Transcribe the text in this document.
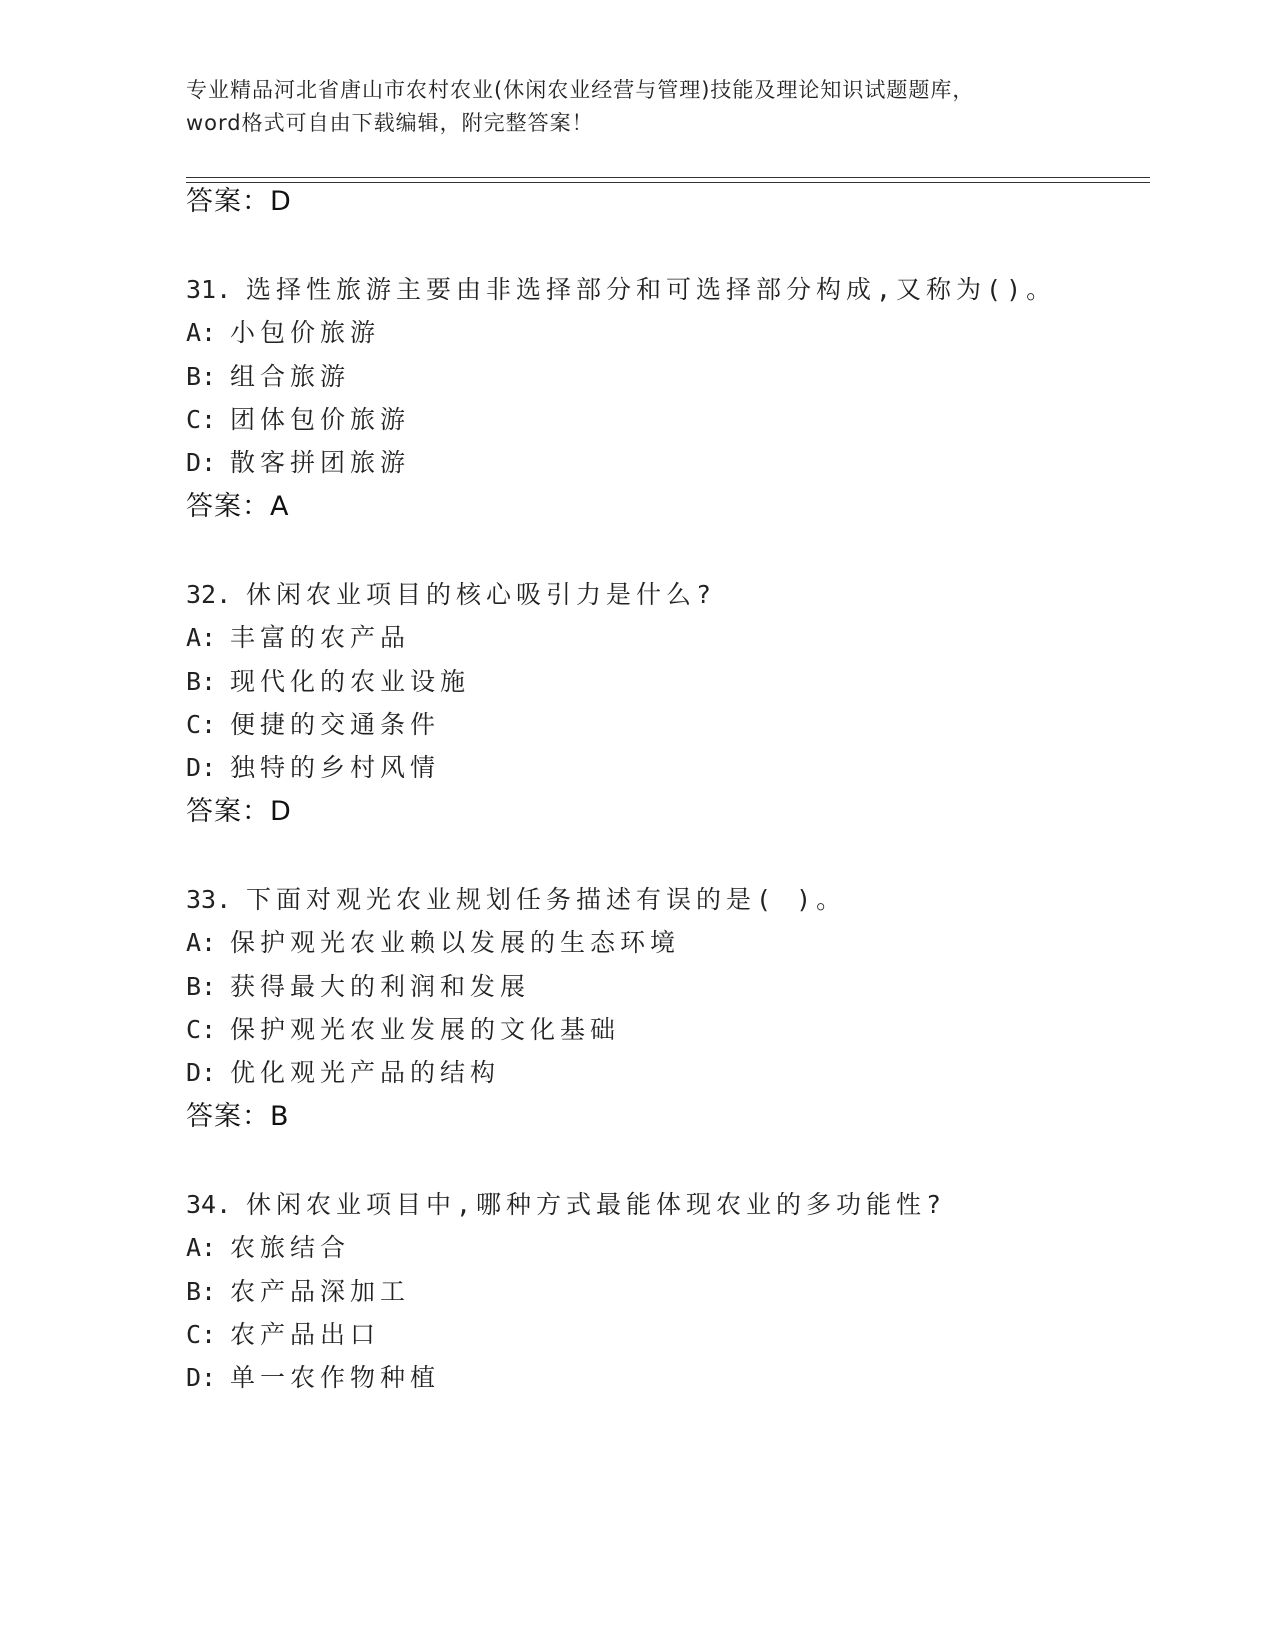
专业精品河北省唐山市农村农业(休闲农业经营与管理)技能及理论知识试题题库，
word格式可自由下载编辑，附完整答案！
答案：D
31. 选择性旅游主要由非选择部分和可选择部分构成,又称为()。
A: 小包价旅游
B: 组合旅游
C: 团体包价旅游
D: 散客拼团旅游
答案：A
32. 休闲农业项目的核心吸引力是什么?
A: 丰富的农产品
B: 现代化的农业设施
C: 便捷的交通条件
D: 独特的乡村风情
答案：D
33. 下面对观光农业规划任务描述有误的是( )。
A: 保护观光农业赖以发展的生态环境
B: 获得最大的利润和发展
C: 保护观光农业发展的文化基础
D: 优化观光产品的结构
答案：B
34. 休闲农业项目中,哪种方式最能体现农业的多功能性?
A: 农旅结合
B: 农产品深加工
C: 农产品出口
D: 单一农作物种植
